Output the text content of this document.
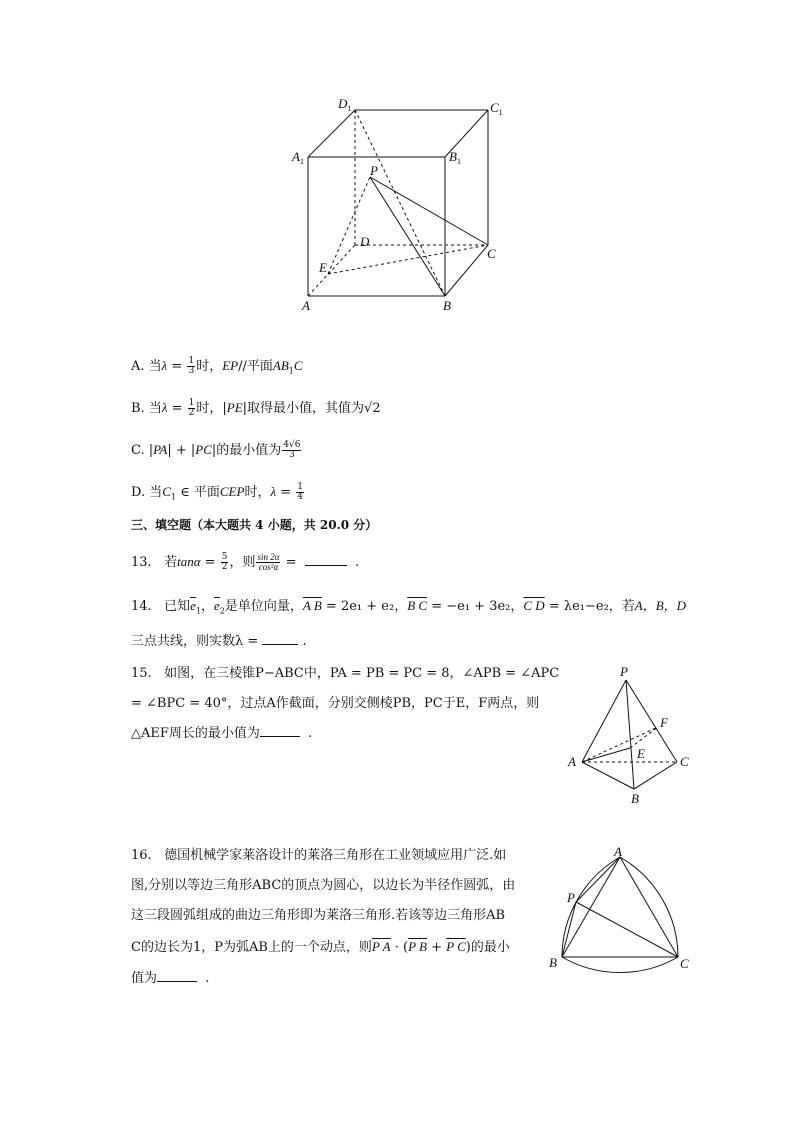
$D_1$	$C_1$
$A_1$	$B_1$
P
D
C
E
A	B
A. 当$\lambda = \frac{1}{3}$ 时，EP//平面$AB_1C$
B. 当$\lambda = \frac{1}{2}$ 时，|PE|取得最小值，其值为√2
C. |PA| + |PC|的最小值为 $\frac{4√6}{3}$
D. 当$C_1$ ∈ 平面CEP时，$\lambda = \frac{1}{4}$
三、填空题（本大题共 4 小题，共 20.0 分）
13. 若$\tan\alpha = \frac{5}{2}$ ，则 $\frac{\sin 2\alpha}{\text{cos²α}}$ =	.
14. 已知$\overline{e}_1$，$\overline{e}_2$是单位向量，A B = 2e₁ + e₂，B C = −e₁ + 3e₂，C D = λe₁−e₂，若A，B，D
三点共线，则实数λ =	.
15. 如图，在三棱锥P−ABC中，PA = PB = PC = 8，∠APB = ∠APC
= ∠BPC = 40°，过点A作截面，分别交侧棱PB，PC于E，F两点，则
△AEF周长的最小值为	.
P
F
E
A	C
B
16. 德国机械学家莱洛设计的莱洛三角形在工业领域应用广泛.如
图,分别以等边三角形ABC的顶点为圆心，以边长为半径作圆弧，由
这三段圆弧组成的曲边三角形即为莱洛三角形.若该等边三角形AB
C的边长为1，P为弧AB上的一个动点，则P A · (P B + P C)的最小
值为	.
A
P
B	C
